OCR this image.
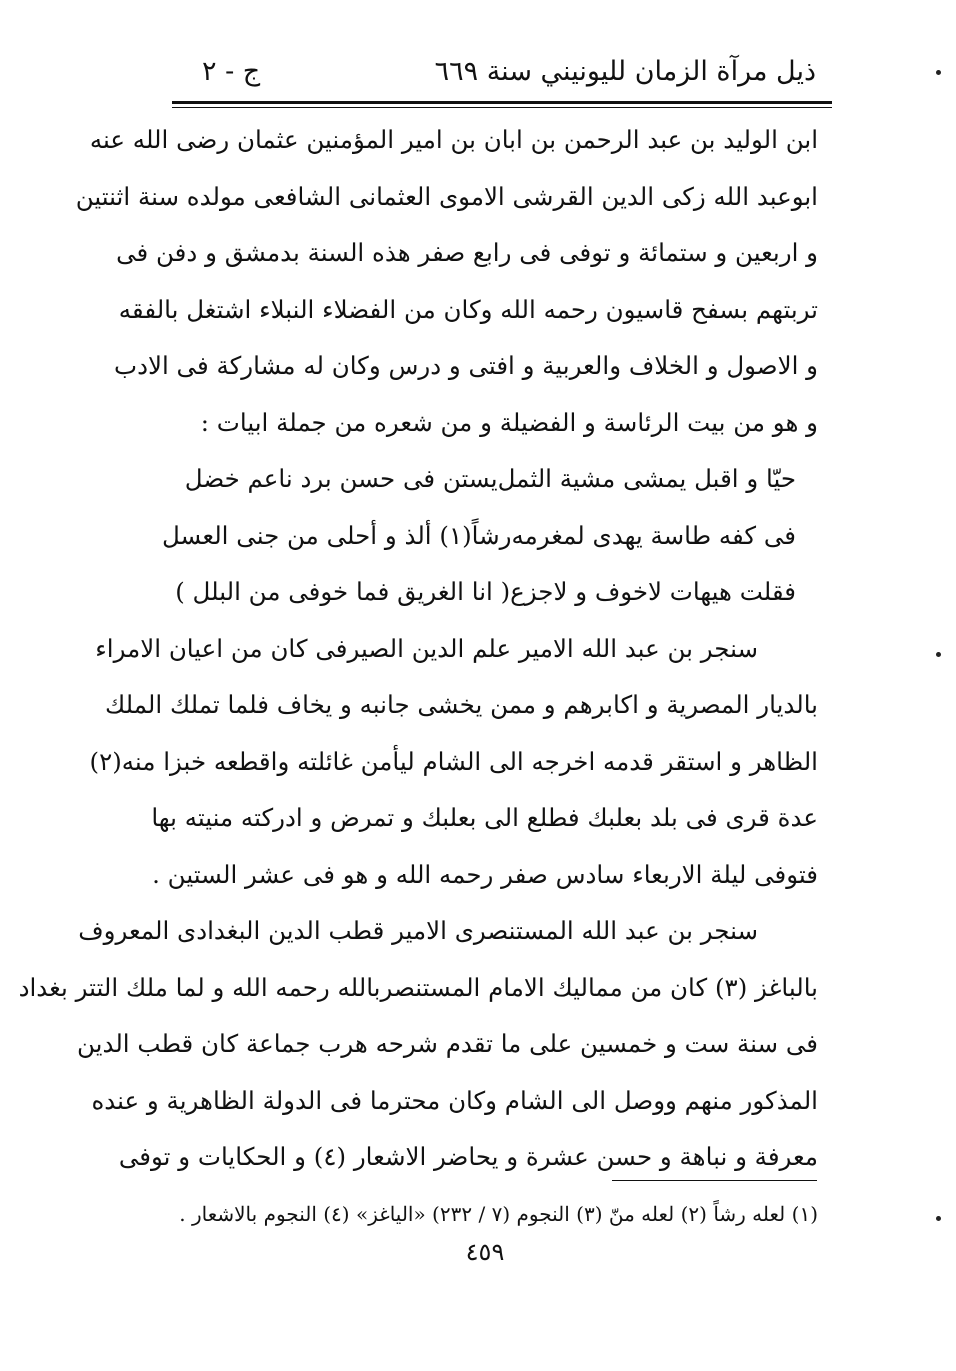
ذيل مرآة الزمان لليونيني سنة ٦٦٩
ج - ٢
ابن الوليد بن عبد الرحمن بن ابان بن امير المؤمنين عثمان رضى الله عنه
ابوعبد الله زكى الدين القرشى الاموى العثمانى الشافعى مولده سنة اثنتين
و اربعين و ستمائة و توفى فى رابع صفر هذه السنة بدمشق و دفن فى
تربتهم بسفح قاسيون رحمه الله وكان من الفضلاء النبلاء اشتغل بالفقه
و الاصول و الخلاف والعربية و افتى و درس وكان له مشاركة فى الادب
و هو من بيت الرئاسة و الفضيلة و من شعره من جملة ابيات :
حيّا و اقبل يمشى مشية الثمل
يستن فى حسن برد ناعم خضل
فى كفه طاسة يهدى لمغرمه
رشاً(١) ألذ و أحلى من جنى العسل
فقلت هيهات لاخوف و لاجزع
( انا الغريق فما خوفى من البلل )
سنجر بن عبد الله الامير علم الدين الصيرفى كان من اعيان الامراء
بالديار المصرية و اكابرهم و ممن يخشى جانبه و يخاف فلما تملك الملك
الظاهر و استقر قدمه اخرجه الى الشام ليأمن غائلته واقطعه خبزا منه(٢)
عدة قرى فى بلد بعلبك فطلع الى بعلبك و تمرض و ادركته منيته بها
فتوفى ليلة الاربعاء سادس صفر رحمه الله و هو فى عشر الستين .
سنجر بن عبد الله المستنصرى الامير قطب الدين البغدادى المعروف
بالباغز (٣) كان من مماليك الامام المستنصربالله رحمه الله و لما ملك التتر بغداد
فى سنة ست و خمسين على ما تقدم شرحه هرب جماعة كان قطب الدين
المذكور منهم ووصل الى الشام وكان محترما فى الدولة الظاهرية و عنده
معرفة و نباهة و حسن عشرة و يحاضر الاشعار (٤) و الحكايات و توفى
(١) لعله رشاً (٢) لعله منّ (٣) النجوم (٧ / ٢٣٢) «الياغز» (٤) النجوم بالاشعار .
٤٥٩
